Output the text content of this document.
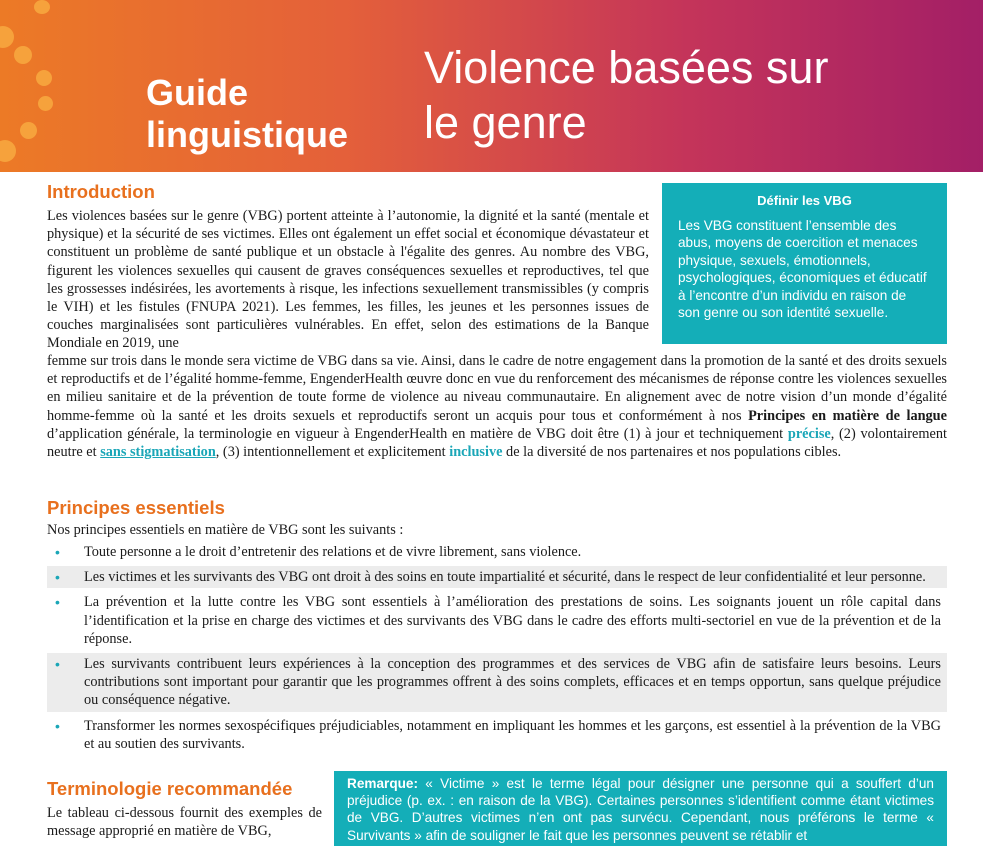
Guide
linguistique
Violence basées sur
le genre
Introduction
Les violences basées sur le genre (VBG) portent atteinte à l’autonomie, la dignité et la santé (mentale et physique) et la sécurité de ses victimes. Elles ont également un effet social et économique dévastateur et constituent un problème de santé publique et un obstacle à l'égalite des genres. Au nombre des VBG, figurent les violences sexuelles qui causent de graves conséquences sexuelles et reproductives, tel que les grossesses indésirées, les avortements à risque, les infections sexuellement transmissibles (y compris le VIH) et les fistules (FNUPA 2021). Les femmes, les filles, les jeunes et les personnes issues de couches marginalisées sont particulières vulnérables. En effet, selon des estimations de la Banque Mondiale en 2019, une
femme sur trois dans le monde sera victime de VBG dans sa vie. Ainsi, dans le cadre de notre engagement dans la promotion de la santé et des droits sexuels et reproductifs et de l’égalité homme-femme, EngenderHealth œuvre donc en vue du renforcement des mécanismes de réponse contre les violences sexuelles en milieu sanitaire et de la prévention de toute forme de violence au niveau communautaire. En alignement avec de notre vision d’un monde d’égalité homme-femme où la santé et les droits sexuels et reproductifs seront un acquis pour tous et conformément à nos Principes en matière de langue d’application générale, la terminologie en vigueur à EngenderHealth en matière de VBG doit être (1) à jour et techniquement précise, (2) volontairement neutre et sans stigmatisation, (3) intentionnellement et explicitement inclusive de la diversité de nos partenaires et nos populations cibles.
Définir les VBG
Les VBG constituent l’ensemble des abus, moyens de coercition et menaces physique, sexuels, émotionnels, psychologiques, économiques et éducatif à l’encontre d’un individu en raison de son genre ou son identité sexuelle.
Principes essentiels
Nos principes essentiels en matière de VBG sont les suivants :
• Toute personne a le droit d’entretenir des relations et de vivre librement, sans violence.
• Les victimes et les survivants des VBG ont droit à des soins en toute impartialité et sécurité, dans le respect de leur confidentialité et leur personne.
• La prévention et la lutte contre les VBG sont essentiels à l’amélioration des prestations de soins. Les soignants jouent un rôle capital dans l’identification et la prise en charge des victimes et des survivants des VBG dans le cadre des efforts multi-sectoriel en vue de la prévention et de la réponse.
• Les survivants contribuent leurs expériences à la conception des programmes et des services de VBG afin de satisfaire leurs besoins. Leurs contributions sont important pour garantir que les programmes offrent à des soins complets, efficaces et en temps opportun, sans quelque préjudice ou conséquence négative.
• Transformer les normes sexospécifiques préjudiciables, notamment en impliquant les hommes et les garçons, est essentiel à la prévention de la VBG et au soutien des survivants.
Terminologie recommandée
Le tableau ci-dessous fournit des exemples de message approprié en matière de VBG,
Remarque: « Victime » est le terme légal pour désigner une personne qui a souffert d’un préjudice (p. ex. : en raison de la VBG). Certaines personnes s’identifient comme étant victimes de VBG. D’autres victimes n’en ont pas survécu. Cependant, nous préférons le terme « Survivants » afin de souligner le fait que les personnes peuvent se rétablir et
